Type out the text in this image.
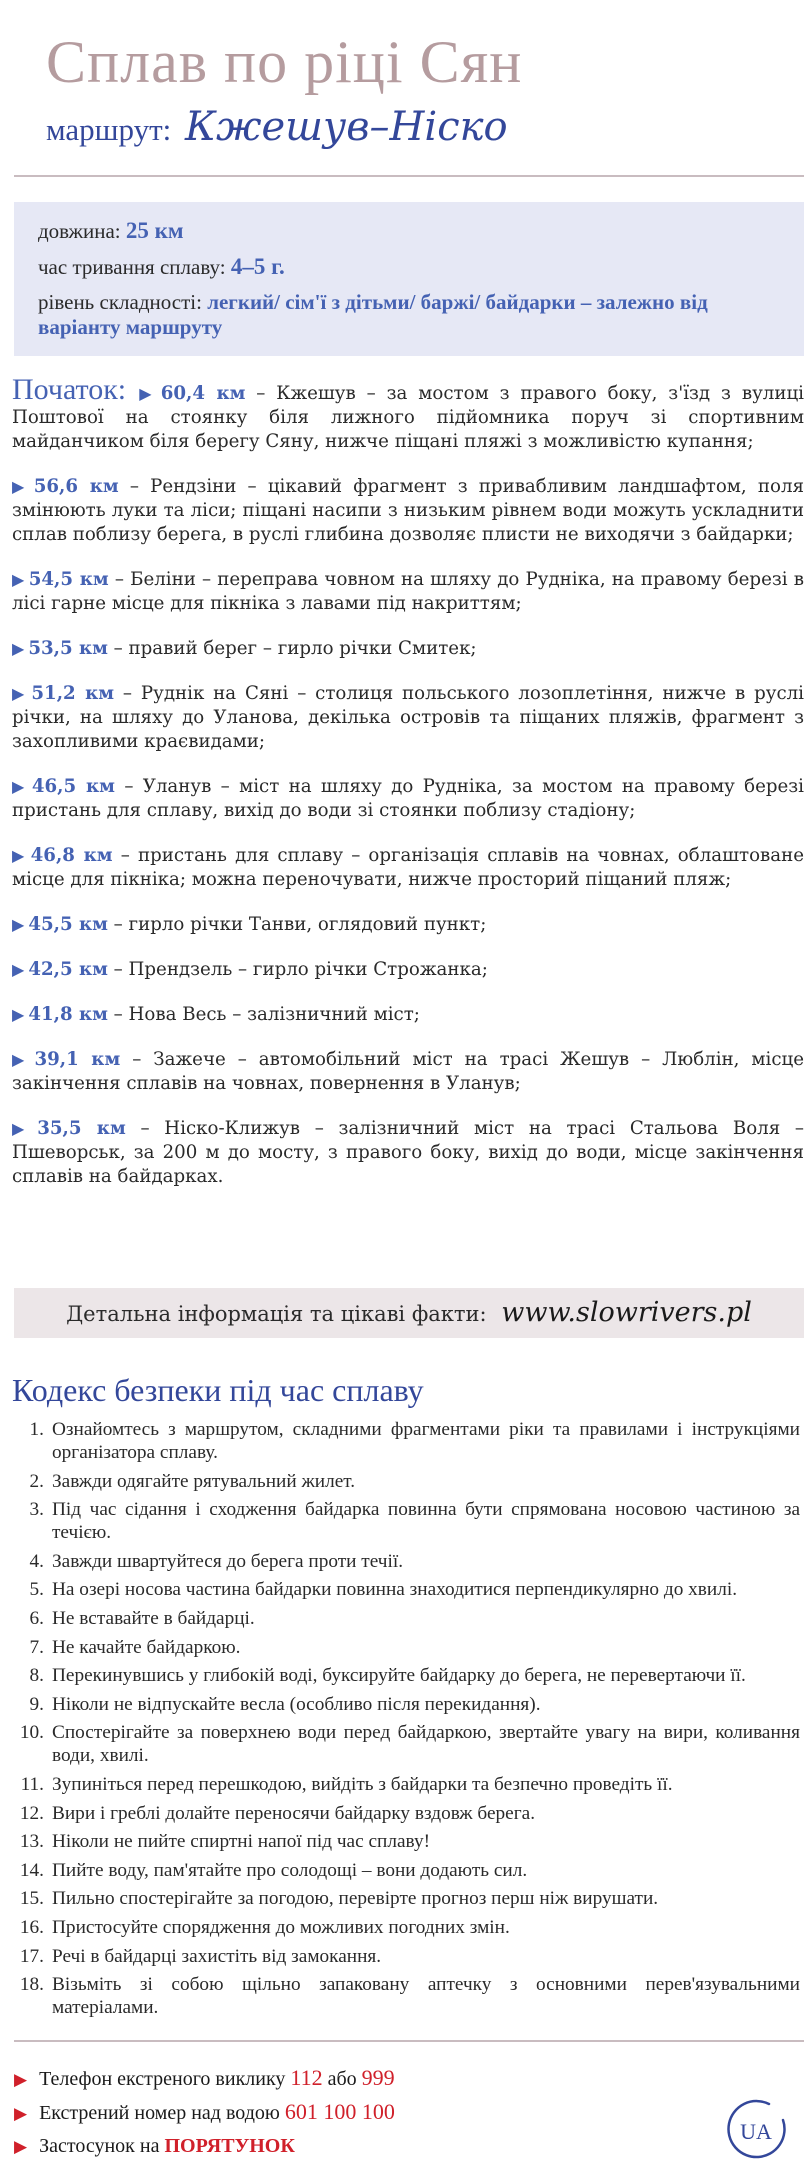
Сплав по ріці Сян
маршрут: Кжешув–Ніско
довжина: 25 км
час тривання сплаву: 4–5 г.
рівень складності: легкий/ сім'ї з дітьми/ баржі/ байдарки – залежно від варіанту маршруту
Початок: ▶ 60,4 км – Кжешув – за мостом з правого боку, з'їзд з вулиці Поштової на стоянку біля лижного підйомника поруч зі спортивним майданчиком біля берегу Сяну, нижче піщані пляжі з можливістю купання;
▶ 56,6 км – Рендзіни – цікавий фрагмент з привабливим ландшафтом, поля змінюють луки та ліси; піщані насипи з низьким рівнем води можуть ускладнити сплав поблизу берега, в руслі глибина дозволяє плисти не виходячи з байдарки;
▶ 54,5 км – Беліни – переправа човном на шляху до Рудніка, на правому березі в лісі гарне місце для пікніка з лавами під накриттям;
▶ 53,5 км – правий берег – гирло річки Смитек;
▶ 51,2 км – Руднік на Сяні – столиця польського лозоплетіння, нижче в руслі річки, на шляху до Уланова, декілька островів та піщаних пляжів, фрагмент з захопливими краєвидами;
▶ 46,5 км – Уланув – міст на шляху до Рудніка, за мостом на правому березі пристань для сплаву, вихід до води зі стоянки поблизу стадіону;
▶ 46,8 км – пристань для сплаву – організація сплавів на човнах, облаштоване місце для пікніка; можна переночувати, нижче просторий піщаний пляж;
▶ 45,5 км – гирло річки Танви, оглядовий пункт;
▶ 42,5 км – Прендзель – гирло річки Строжанка;
▶ 41,8 км – Нова Весь – залізничний міст;
▶ 39,1 км – Зажече – автомобільний міст на трасі Жешув – Люблін, місце закінчення сплавів на човнах, повернення в Уланув;
▶ 35,5 км – Ніско-Клижув – залізничний міст на трасі Стальова Воля – Пшеворськ, за 200 м до мосту, з правого боку, вихід до води, місце закінчення сплавів на байдарках.
Детальна інформація та цікаві факти: www.slowrivers.pl
Кодекс безпеки під час сплаву
1. Ознайомтесь з маршрутом, складними фрагментами ріки та правилами і інструкціями організатора сплаву.
2. Завжди одягайте рятувальний жилет.
3. Під час сідання і сходження байдарка повинна бути спрямована носовою частиною за течією.
4. Завжди швартуйтеся до берега проти течії.
5. На озері носова частина байдарки повинна знаходитися перпендикулярно до хвилі.
6. Не вставайте в байдарці.
7. Не качайте байдаркою.
8. Перекинувшись у глибокій воді, буксируйте байдарку до берега, не перевертаючи її.
9. Ніколи не відпускайте весла (особливо після перекидання).
10. Спостерігайте за поверхнею води перед байдаркою, звертайте увагу на вири, коливання води, хвилі.
11. Зупиніться перед перешкодою, вийдіть з байдарки та безпечно проведіть її.
12. Вири і греблі долайте переносячи байдарку вздовж берега.
13. Ніколи не пийте спиртні напої під час сплаву!
14. Пийте воду, пам'ятайте про солодощі – вони додають сил.
15. Пильно спостерігайте за погодою, перевірте прогноз перш ніж вирушати.
16. Пристосуйте спорядження до можливих погодних змін.
17. Речі в байдарці захистіть від замокання.
18. Візьміть зі собою щільно запаковану аптечку з основними перев'язувальними матеріалами.
▶ Телефон екстреного виклику 112 або 999
▶ Екстрений номер над водою 601 100 100
▶ Застосунок на ПОРЯТУНОК
UA
